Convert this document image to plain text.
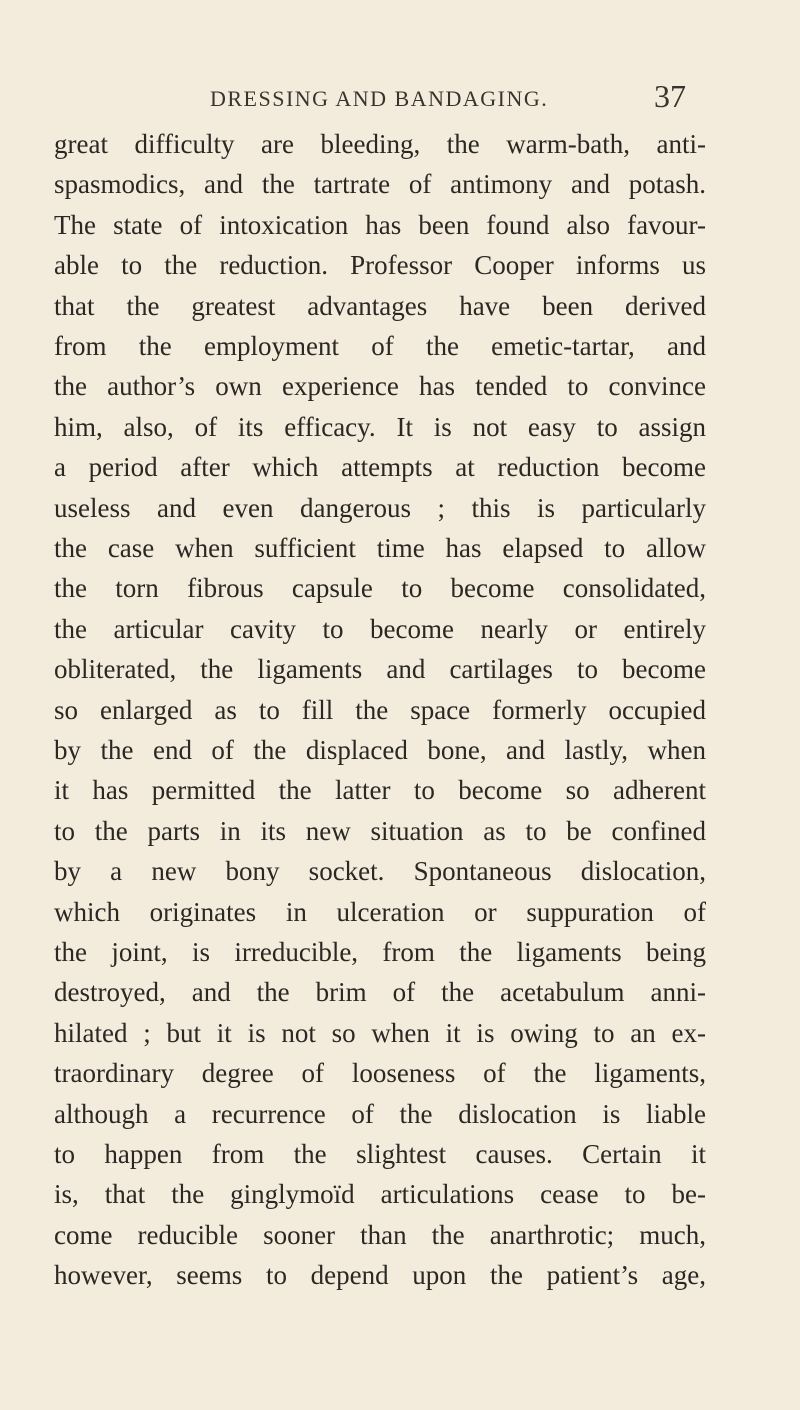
DRESSING AND BANDAGING.	37
great difficulty are bleeding, the warm-bath, anti-
spasmodics, and the tartrate of antimony and potash.
The state of intoxication has been found also favour-
able to the reduction. Professor Cooper informs us
that the greatest advantages have been derived
from the employment of the emetic-tartar, and
the author’s own experience has tended to convince
him, also, of its efficacy. It is not easy to assign
a period after which attempts at reduction become
useless and even dangerous ; this is particularly
the case when sufficient time has elapsed to allow
the torn fibrous capsule to become consolidated,
the articular cavity to become nearly or entirely
obliterated, the ligaments and cartilages to become
so enlarged as to fill the space formerly occupied
by the end of the displaced bone, and lastly, when
it has permitted the latter to become so adherent
to the parts in its new situation as to be confined
by a new bony socket. Spontaneous dislocation,
which originates in ulceration or suppuration of
the joint, is irreducible, from the ligaments being
destroyed, and the brim of the acetabulum anni-
hilated ; but it is not so when it is owing to an ex-
traordinary degree of looseness of the ligaments,
although a recurrence of the dislocation is liable
to happen from the slightest causes. Certain it
is, that the ginglymoïd articulations cease to be-
come reducible sooner than the anarthrotic; much,
however, seems to depend upon the patient’s age,
